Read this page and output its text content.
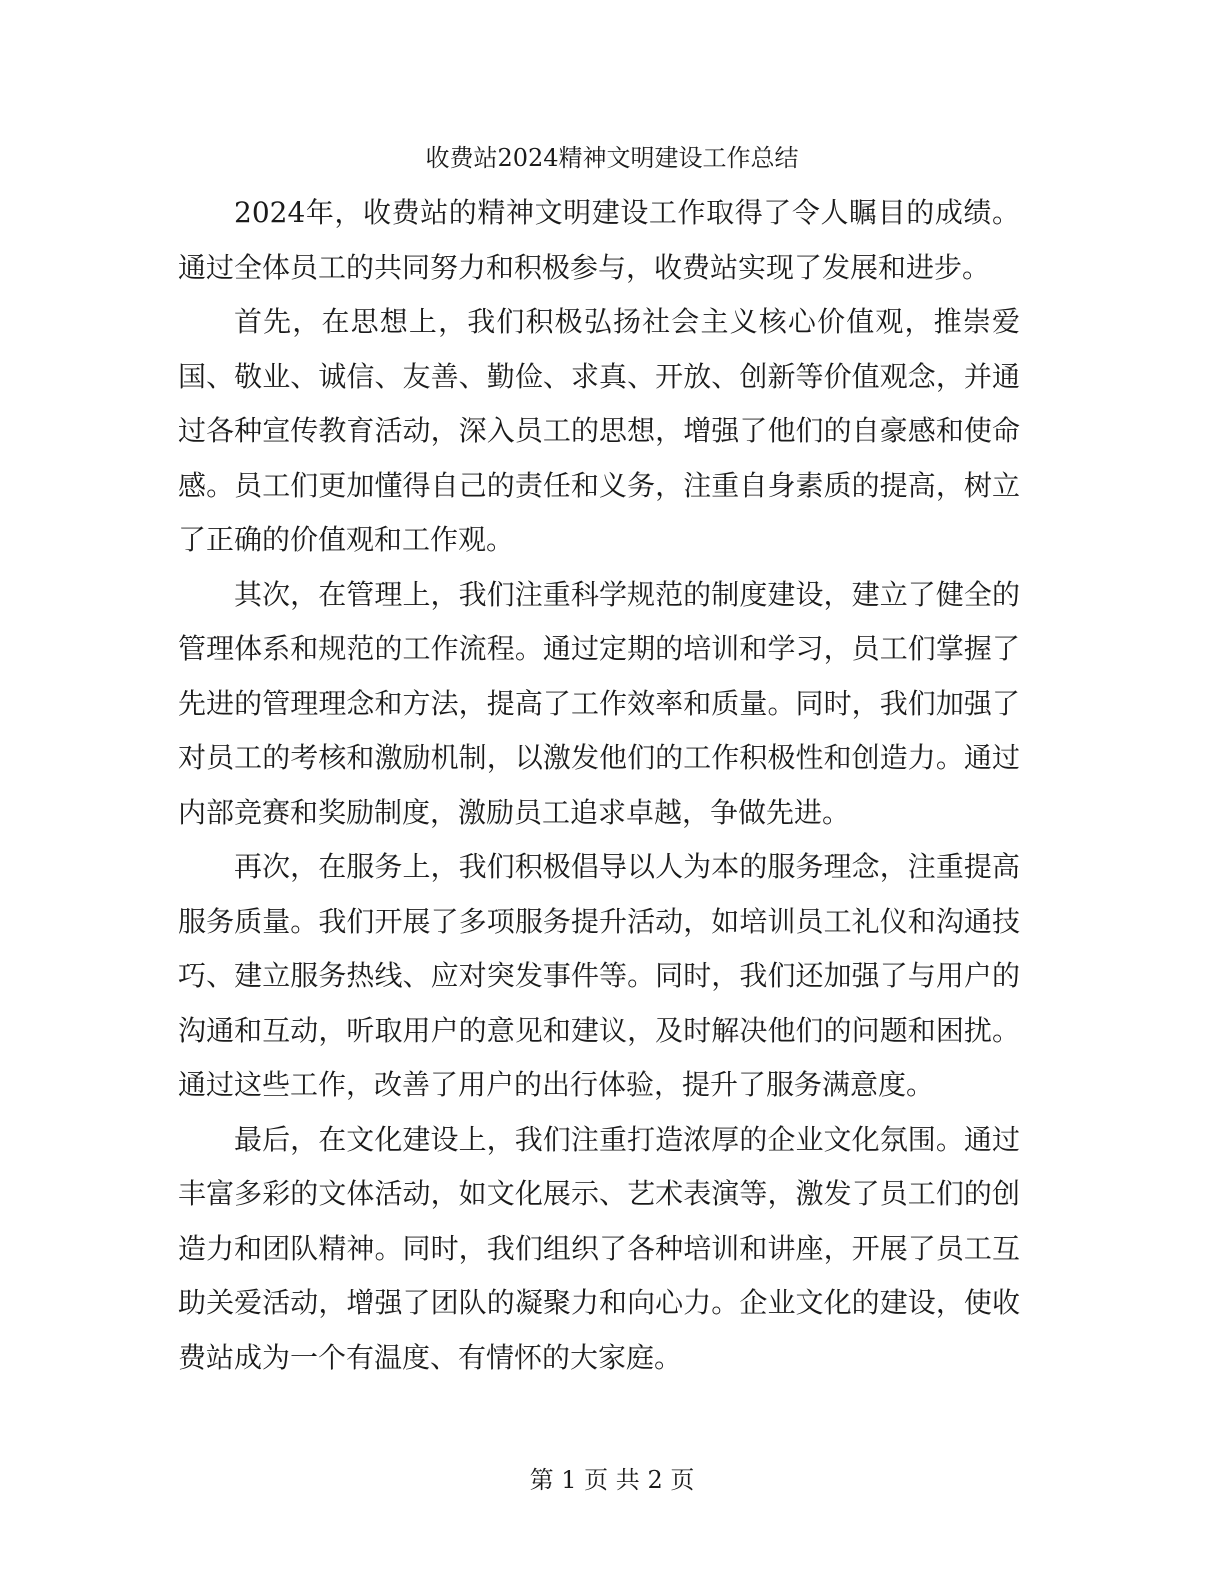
收费站2024精神文明建设工作总结

2024年，收费站的精神文明建设工作取得了令人瞩目的成绩。通过全体员工的共同努力和积极参与，收费站实现了发展和进步。

首先，在思想上，我们积极弘扬社会主义核心价值观，推崇爱国、敬业、诚信、友善、勤俭、求真、开放、创新等价值观念，并通过各种宣传教育活动，深入员工的思想，增强了他们的自豪感和使命感。员工们更加懂得自己的责任和义务，注重自身素质的提高，树立了正确的价值观和工作观。

其次，在管理上，我们注重科学规范的制度建设，建立了健全的管理体系和规范的工作流程。通过定期的培训和学习，员工们掌握了先进的管理理念和方法，提高了工作效率和质量。同时，我们加强了对员工的考核和激励机制，以激发他们的工作积极性和创造力。通过内部竞赛和奖励制度，激励员工追求卓越，争做先进。

再次，在服务上，我们积极倡导以人为本的服务理念，注重提高服务质量。我们开展了多项服务提升活动，如培训员工礼仪和沟通技巧、建立服务热线、应对突发事件等。同时，我们还加强了与用户的沟通和互动，听取用户的意见和建议，及时解决他们的问题和困扰。通过这些工作，改善了用户的出行体验，提升了服务满意度。

最后，在文化建设上，我们注重打造浓厚的企业文化氛围。通过丰富多彩的文体活动，如文化展示、艺术表演等，激发了员工们的创造力和团队精神。同时，我们组织了各种培训和讲座，开展了员工互助关爱活动，增强了团队的凝聚力和向心力。企业文化的建设，使收费站成为一个有温度、有情怀的大家庭。

第 1 页 共 2 页
